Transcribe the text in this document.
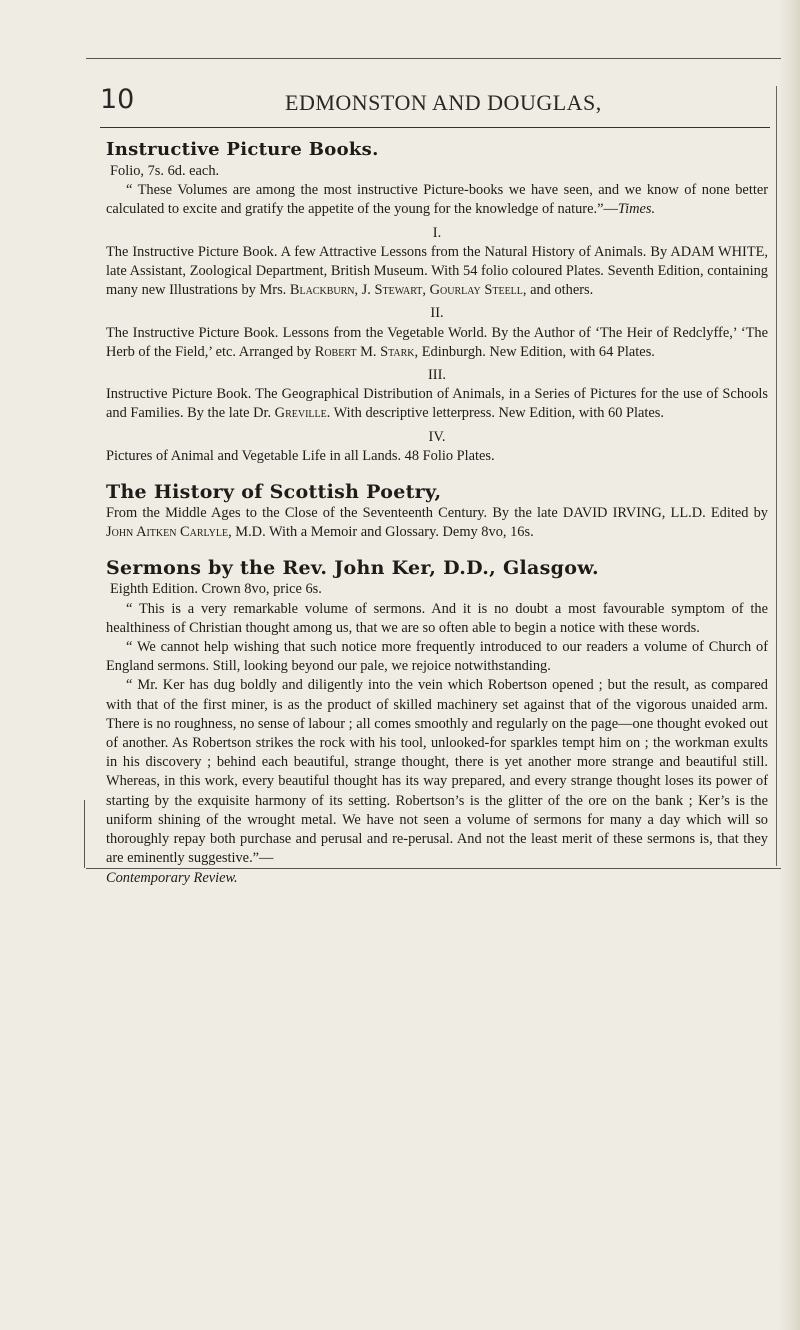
10	EDMONSTON AND DOUGLAS,

Instructive Picture Books.

Folio, 7s. 6d. each.

“ These Volumes are among the most instructive Picture-books we have seen, and we know of none better calculated to excite and gratify the appetite of the young for the knowledge of nature.”—Times.

I.

The Instructive Picture Book. A few Attractive Lessons from the Natural History of Animals. By ADAM WHITE, late Assistant, Zoological Department, British Museum. With 54 folio coloured Plates. Seventh Edition, containing many new Illustrations by Mrs. Blackburn, J. Stewart, Gourlay Steell, and others.

II.

The Instructive Picture Book. Lessons from the Vegetable World. By the Author of ‘The Heir of Redclyffe,’ ‘The Herb of the Field,’ etc. Arranged by Robert M. Stark, Edinburgh. New Edition, with 64 Plates.

III.

Instructive Picture Book. The Geographical Distribution of Animals, in a Series of Pictures for the use of Schools and Families. By the late Dr. Greville. With descriptive letterpress. New Edition, with 60 Plates.

IV.

Pictures of Animal and Vegetable Life in all Lands. 48 Folio Plates.

The History of Scottish Poetry,

From the Middle Ages to the Close of the Seventeenth Century. By the late DAVID IRVING, LL.D. Edited by John Aitken Carlyle, M.D. With a Memoir and Glossary. Demy 8vo, 16s.

Sermons by the Rev. John Ker, D.D., Glasgow.

Eighth Edition. Crown 8vo, price 6s.

“ This is a very remarkable volume of sermons. And it is no doubt a most favourable symptom of the healthiness of Christian thought among us, that we are so often able to begin a notice with these words.

“ We cannot help wishing that such notice more frequently introduced to our readers a volume of Church of England sermons. Still, looking beyond our pale, we rejoice notwithstanding.

“ Mr. Ker has dug boldly and diligently into the vein which Robertson opened ; but the result, as compared with that of the first miner, is as the product of skilled machinery set against that of the vigorous unaided arm. There is no roughness, no sense of labour ; all comes smoothly and regularly on the page—one thought evoked out of another. As Robertson strikes the rock with his tool, unlooked-for sparkles tempt him on ; the workman exults in his discovery ; behind each beautiful, strange thought, there is yet another more strange and beautiful still. Whereas, in this work, every beautiful thought has its way prepared, and every strange thought loses its power of starting by the exquisite harmony of its setting. Robertson’s is the glitter of the ore on the bank ; Ker’s is the uniform shining of the wrought metal. We have not seen a volume of sermons for many a day which will so thoroughly repay both purchase and perusal and re-perusal. And not the least merit of these sermons is, that they are eminently suggestive.”—

Contemporary Review.
